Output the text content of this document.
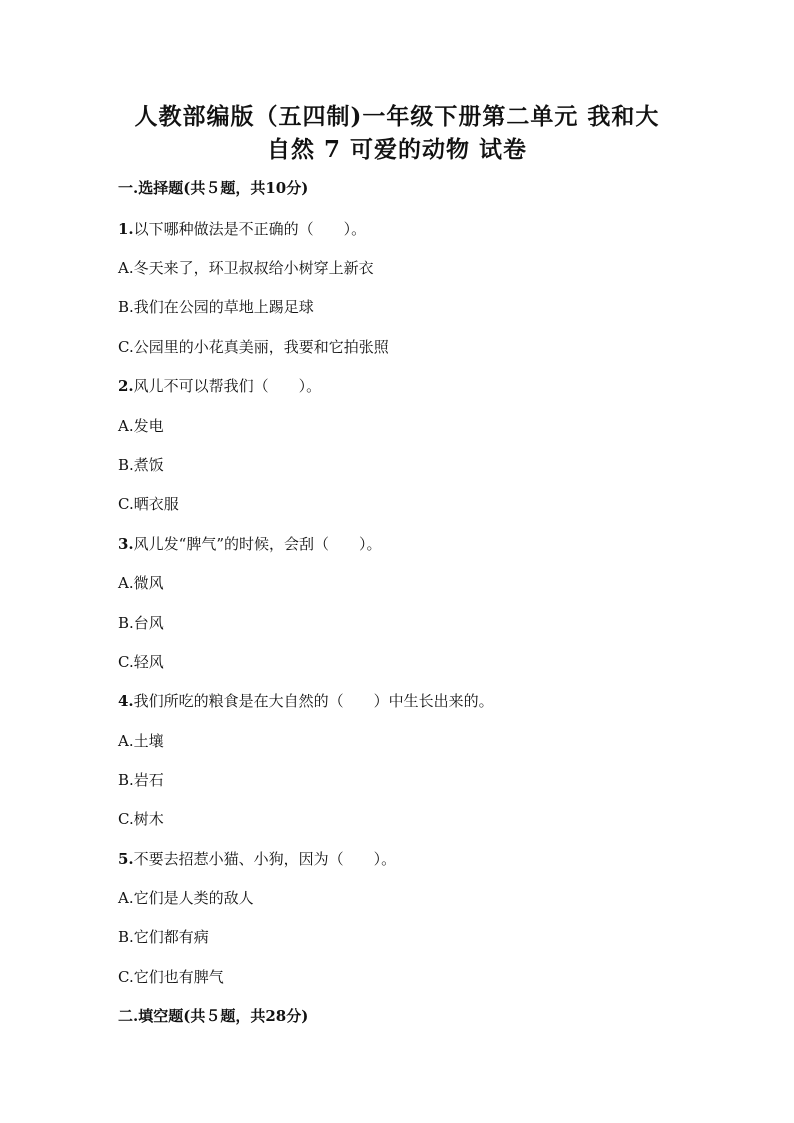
人教部编版（五四制)一年级下册第二单元 我和大
自然 7 可爱的动物 试卷
一.选择题(共５题，共10分)
1.以下哪种做法是不正确的（　　）。
A.冬天来了，环卫叔叔给小树穿上新衣
B.我们在公园的草地上踢足球
C.公园里的小花真美丽，我要和它拍张照
2.风儿不可以帮我们（　　）。
A.发电
B.煮饭
C.晒衣服
3.风儿发“脾气”的时候，会刮（　　）。
A.微风
B.台风
C.轻风
4.我们所吃的粮食是在大自然的（　　）中生长出来的。
A.土壤
B.岩石
C.树木
5.不要去招惹小猫、小狗，因为（　　）。
A.它们是人类的敌人
B.它们都有病
C.它们也有脾气
二.填空题(共５题，共28分)
